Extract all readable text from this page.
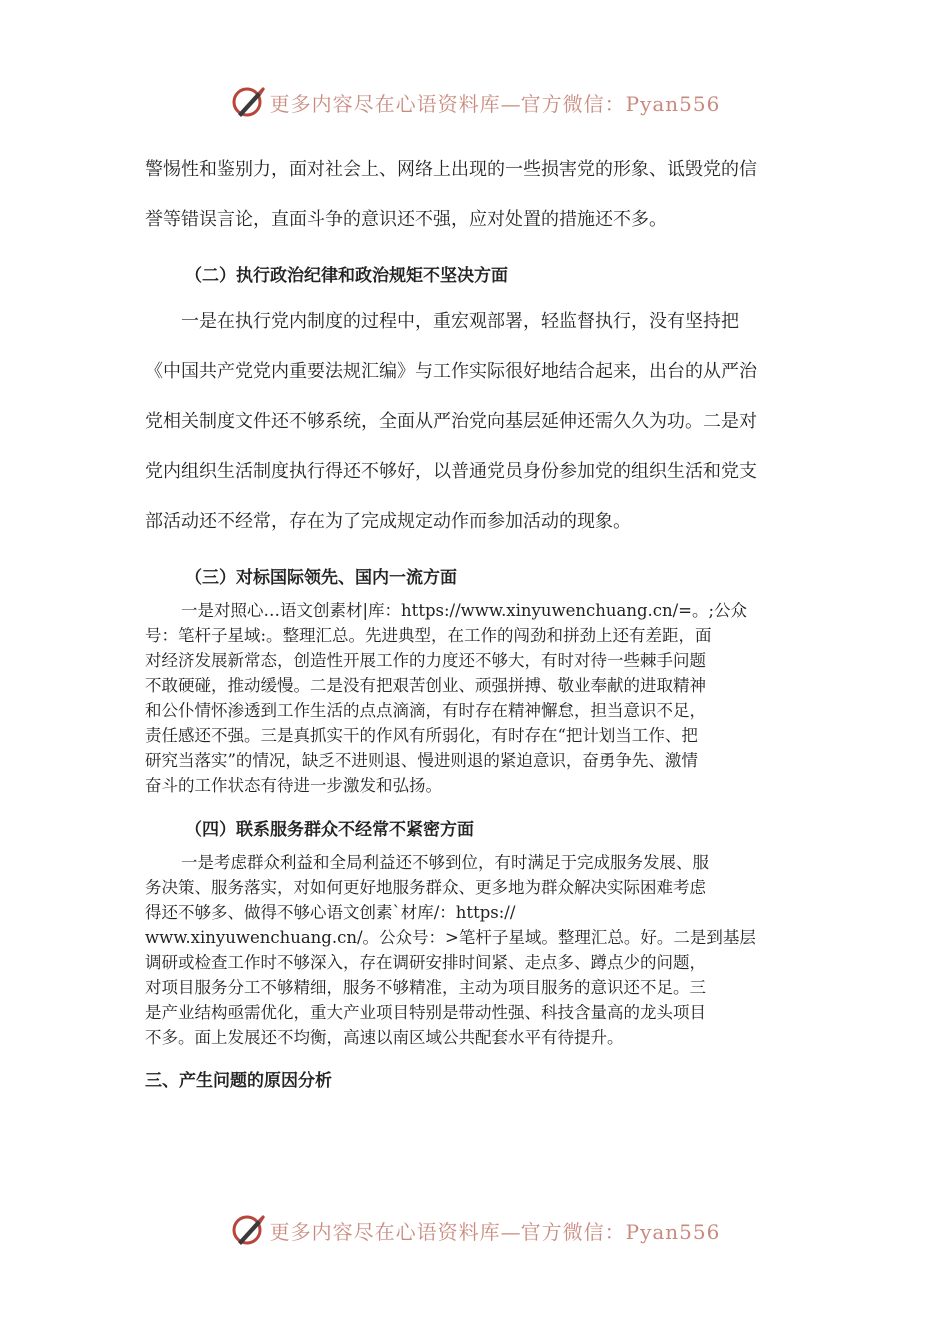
更多内容尽在心语资料库—官方微信：Pyan556
警惕性和鉴别力，面对社会上、网络上出现的一些损害党的形象、诋毁党的信
誉等错误言论，直面斗争的意识还不强，应对处置的措施还不多。
（二）执行政治纪律和政治规矩不坚决方面
一是在执行党内制度的过程中，重宏观部署，轻监督执行，没有坚持把
《中国共产党党内重要法规汇编》与工作实际很好地结合起来，出台的从严治
党相关制度文件还不够系统，全面从严治党向基层延伸还需久久为功。二是对
党内组织生活制度执行得还不够好，以普通党员身份参加党的组织生活和党支
部活动还不经常，存在为了完成规定动作而参加活动的现象。
（三）对标国际领先、国内一流方面
一是对照心…语文创素材|库：https://www.xinyuwenchuang.cn/=。;公众
号：笔杆子星域:。整理汇总。先进典型，在工作的闯劲和拼劲上还有差距，面
对经济发展新常态，创造性开展工作的力度还不够大，有时对待一些棘手问题
不敢硬碰，推动缓慢。二是没有把艰苦创业、顽强拼搏、敬业奉献的进取精神
和公仆情怀渗透到工作生活的点点滴滴，有时存在精神懈怠，担当意识不足，
责任感还不强。三是真抓实干的作风有所弱化，有时存在“把计划当工作、把
研究当落实”的情况，缺乏不进则退、慢进则退的紧迫意识，奋勇争先、激情
奋斗的工作状态有待进一步激发和弘扬。
（四）联系服务群众不经常不紧密方面
一是考虑群众利益和全局利益还不够到位，有时满足于完成服务发展、服
务决策、服务落实，对如何更好地服务群众、更多地为群众解决实际困难考虑
得还不够多、做得不够心语文创素`材库/：https://
www.xinyuwenchuang.cn/。公众号：>笔杆子星域。整理汇总。好。二是到基层
调研或检查工作时不够深入，存在调研安排时间紧、走点多、蹲点少的问题，
对项目服务分工不够精细，服务不够精准，主动为项目服务的意识还不足。三
是产业结构亟需优化，重大产业项目特别是带动性强、科技含量高的龙头项目
不多。面上发展还不均衡，高速以南区域公共配套水平有待提升。
三、产生问题的原因分析
更多内容尽在心语资料库—官方微信：Pyan556
